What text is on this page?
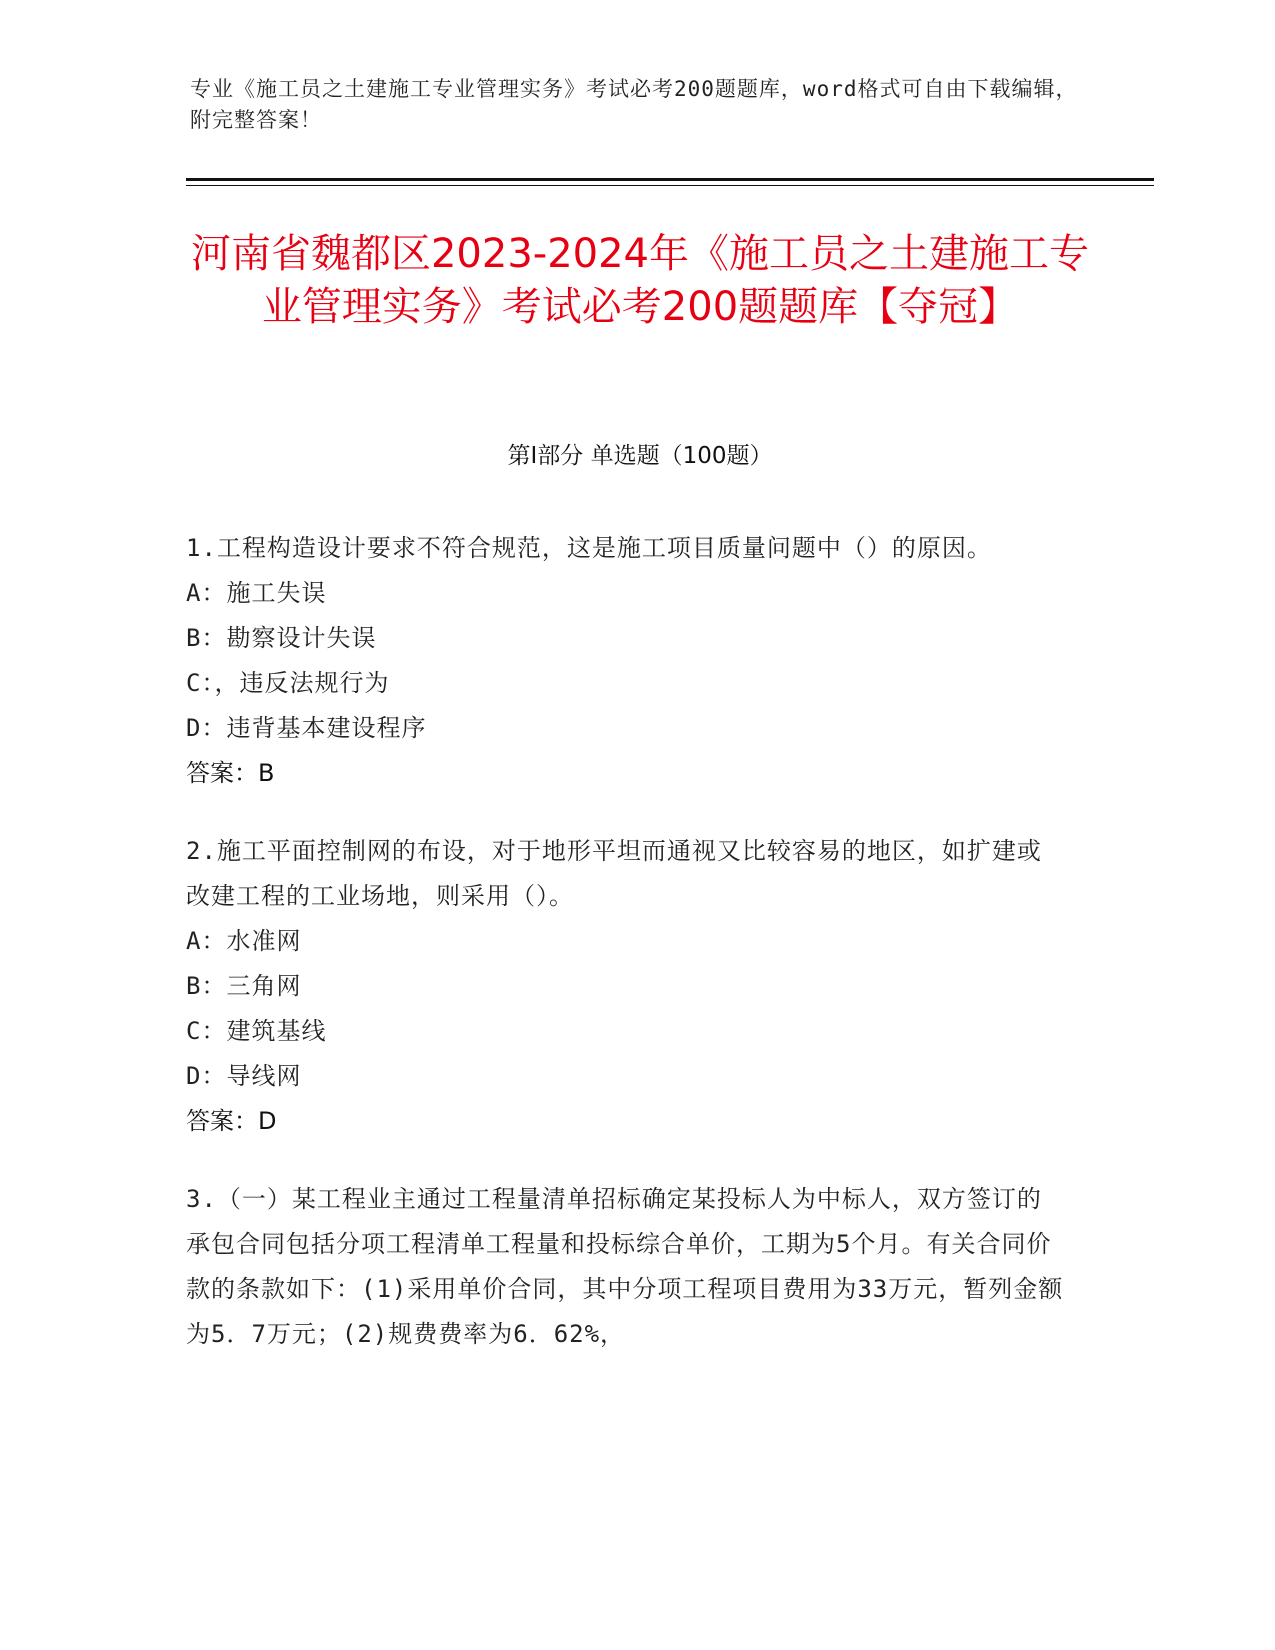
专业《施工员之土建施工专业管理实务》考试必考200题题库，word格式可自由下载编辑，附完整答案！
河南省魏都区2023-2024年《施工员之土建施工专业管理实务》考试必考200题题库【夺冠】
第I部分 单选题（100题）

1.工程构造设计要求不符合规范，这是施工项目质量问题中（）的原因。

A：施工失误

B：勘察设计失误

C：，违反法规行为

D：违背基本建设程序

答案：B

2.施工平面控制网的布设，对于地形平坦而通视又比较容易的地区，如扩建或改建工程的工业场地，则采用（）。

A：水准网

B：三角网

C：建筑基线

D：导线网

答案：D

3.（一）某工程业主通过工程量清单招标确定某投标人为中标人，双方签订的承包合同包括分项工程清单工程量和投标综合单价，工期为5个月。有关合同价款的条款如下：(1)采用单价合同，其中分项工程项目费用为33万元，暂列金额为5．7万元；(2)规费费率为6．62%，
